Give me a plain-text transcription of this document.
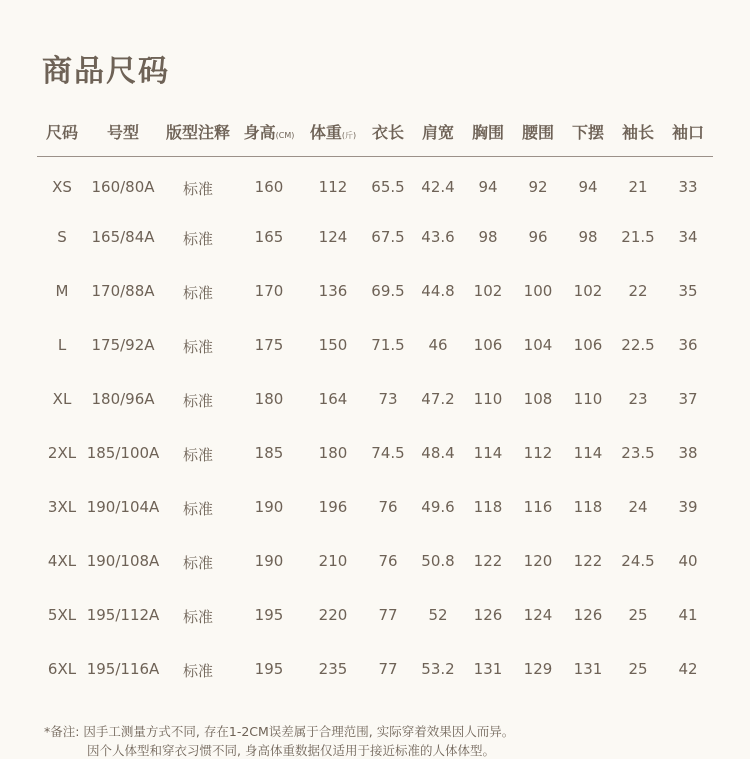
商品尺码
尺码 号型 版型注释 身高(CM) 体重(斤) 衣长 肩宽 胸围 腰围 下摆 袖长 袖口
XS 160/80A 标准	160 112 65.5 42.4 94 92 94 21 33
S 165/84A 标准	165 124 67.5 43.6 98 96 98 21.5 34
M 170/88A 标准	170 136 69.5 44.8 102 100 102 22 35
L 175/92A 标准	175 150 71.5 46 106 104 106 22.5 36
XL 180/96A 标准	180 164 73 47.2 110 108 110 23 37
2XL 185/100A 标准	185 180 74.5 48.4 114 112 114 23.5 38
3XL 190/104A 标准	190 196 76 49.6 118 116 118 24 39
4XL 190/108A 标准	190 210 76 50.8 122 120 122 24.5 40
5XL 195/112A 标准	195 220 77 52 126 124 126 25 41
6XL 195/116A 标准	195 235 77 53.2 131 129 131 25 42
*备注: 因手工测量方式不同, 存在1-2CM误差属于合理范围, 实际穿着效果因人而异。
因个人体型和穿衣习惯不同, 身高体重数据仅适用于接近标准的人体体型。
